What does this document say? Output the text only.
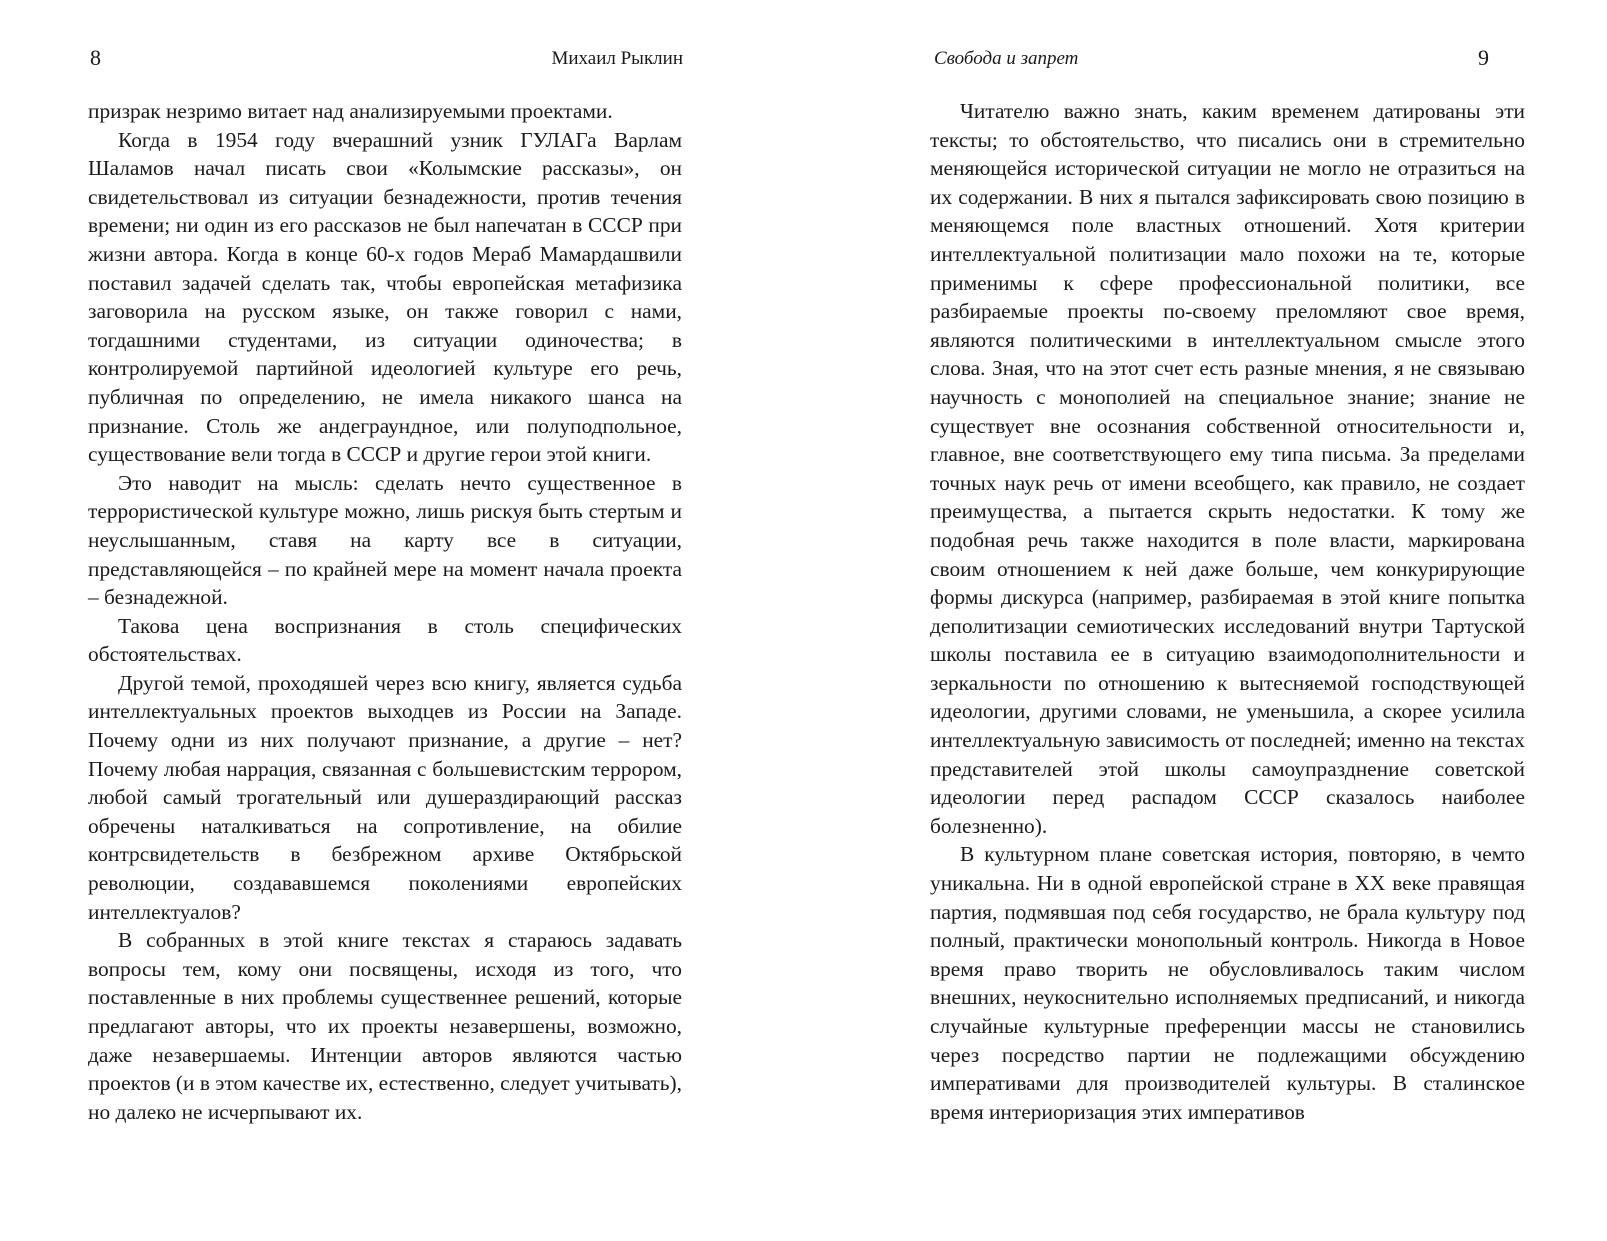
8	Михаил Рыклин

призрак незримо витает над анализируемыми проектами.

Когда в 1954 году вчерашний узник ГУЛАГа Варлам Шаламов начал писать свои «Колымские рассказы», он свидетельствовал из ситуации безнадежности, против течения времени; ни один из его рассказов не был напечатан в СССР при жизни автора. Когда в конце 60-х годов Мераб Мамардашвили поставил задачей сделать так, чтобы европейская метафизика заговорила на русском языке, он также говорил с нами, тогдашними студентами, из ситуации одиночества; в контролируемой партийной идеологией культуре его речь, публичная по определению, не имела никакого шанса на признание. Столь же андеграундное, или полуподпольное, существование вели тогда в СССР и другие герои этой книги.

Это наводит на мысль: сделать нечто существенное в террористической культуре можно, лишь рискуя быть стертым и неуслышанным, ставя на карту все в ситуации, представляющейся – по крайней мере на момент начала проекта – безнадежной.

Такова цена воспризнания в столь специфических обстоятельствах.

Другой темой, проходяшей через всю книгу, является судьба интеллектуальных проектов выходцев из России на Западе. Почему одни из них получают признание, а другие – нет? Почему любая наррация, связанная с большевистским террором, любой самый трогательный или душераздирающий рассказ обречены наталкиваться на сопротивление, на обилие контрсвидетельств в безбрежном архиве Октябрьской революции, создававшемся поколениями европейских интеллектуалов?

В собранных в этой книге текстах я стараюсь задавать вопросы тем, кому они посвящены, исходя из того, что поставленные в них проблемы существеннее решений, которые предлагают авторы, что их проекты незавершены, возможно, даже незавершаемы. Интенции авторов являются частью проектов (и в этом качестве их, естественно, следует учитывать), но далеко не исчерпывают их.

Свобода и запрет	9

Читателю важно знать, каким временем датированы эти тексты; то обстоятельство, что писались они в стремительно меняющейся исторической ситуации не могло не отразиться на их содержании. В них я пытался зафиксировать свою позицию в меняющемся поле властных отношений. Хотя критерии интеллектуальной политизации мало похожи на те, которые применимы к сфере профессиональной политики, все разбираемые проекты по-своему преломляют свое время, являются политическими в интеллектуальном смысле этого слова. Зная, что на этот счет есть разные мнения, я не связываю научность с монополией на специальное знание; знание не существует вне осознания собственной относительности и, главное, вне соответствующего ему типа письма. За пределами точных наук речь от имени всеобщего, как правило, не создает преимущества, а пытается скрыть недостатки. К тому же подобная речь также находится в поле власти, маркирована своим отношением к ней даже больше, чем конкурирующие формы дискурса (например, разбираемая в этой книге попытка деполитизации семиотических исследований внутри Тартуской школы поставила ее в ситуацию взаимодополнительности и зеркальности по отношению к вытесняемой господствующей идеологии, другими словами, не уменьшила, а скорее усилила интеллектуальную зависимость от последней; именно на текстах представителей этой школы самоупразднение советской идеологии перед распадом СССР сказалось наиболее болезненно).

В культурном плане советская история, повторяю, в чемто уникальна. Ни в одной европейской стране в XX веке правящая партия, подмявшая под себя государство, не брала культуру под полный, практически монопольный контроль. Никогда в Новое время право творить не обусловливалось таким числом внешних, неукоснительно исполняемых предписаний, и никогда случайные культурные преференции массы не становились через посредство партии не подлежащими обсуждению императивами для производителей культуры. В сталинское время интериоризация этих императивов
